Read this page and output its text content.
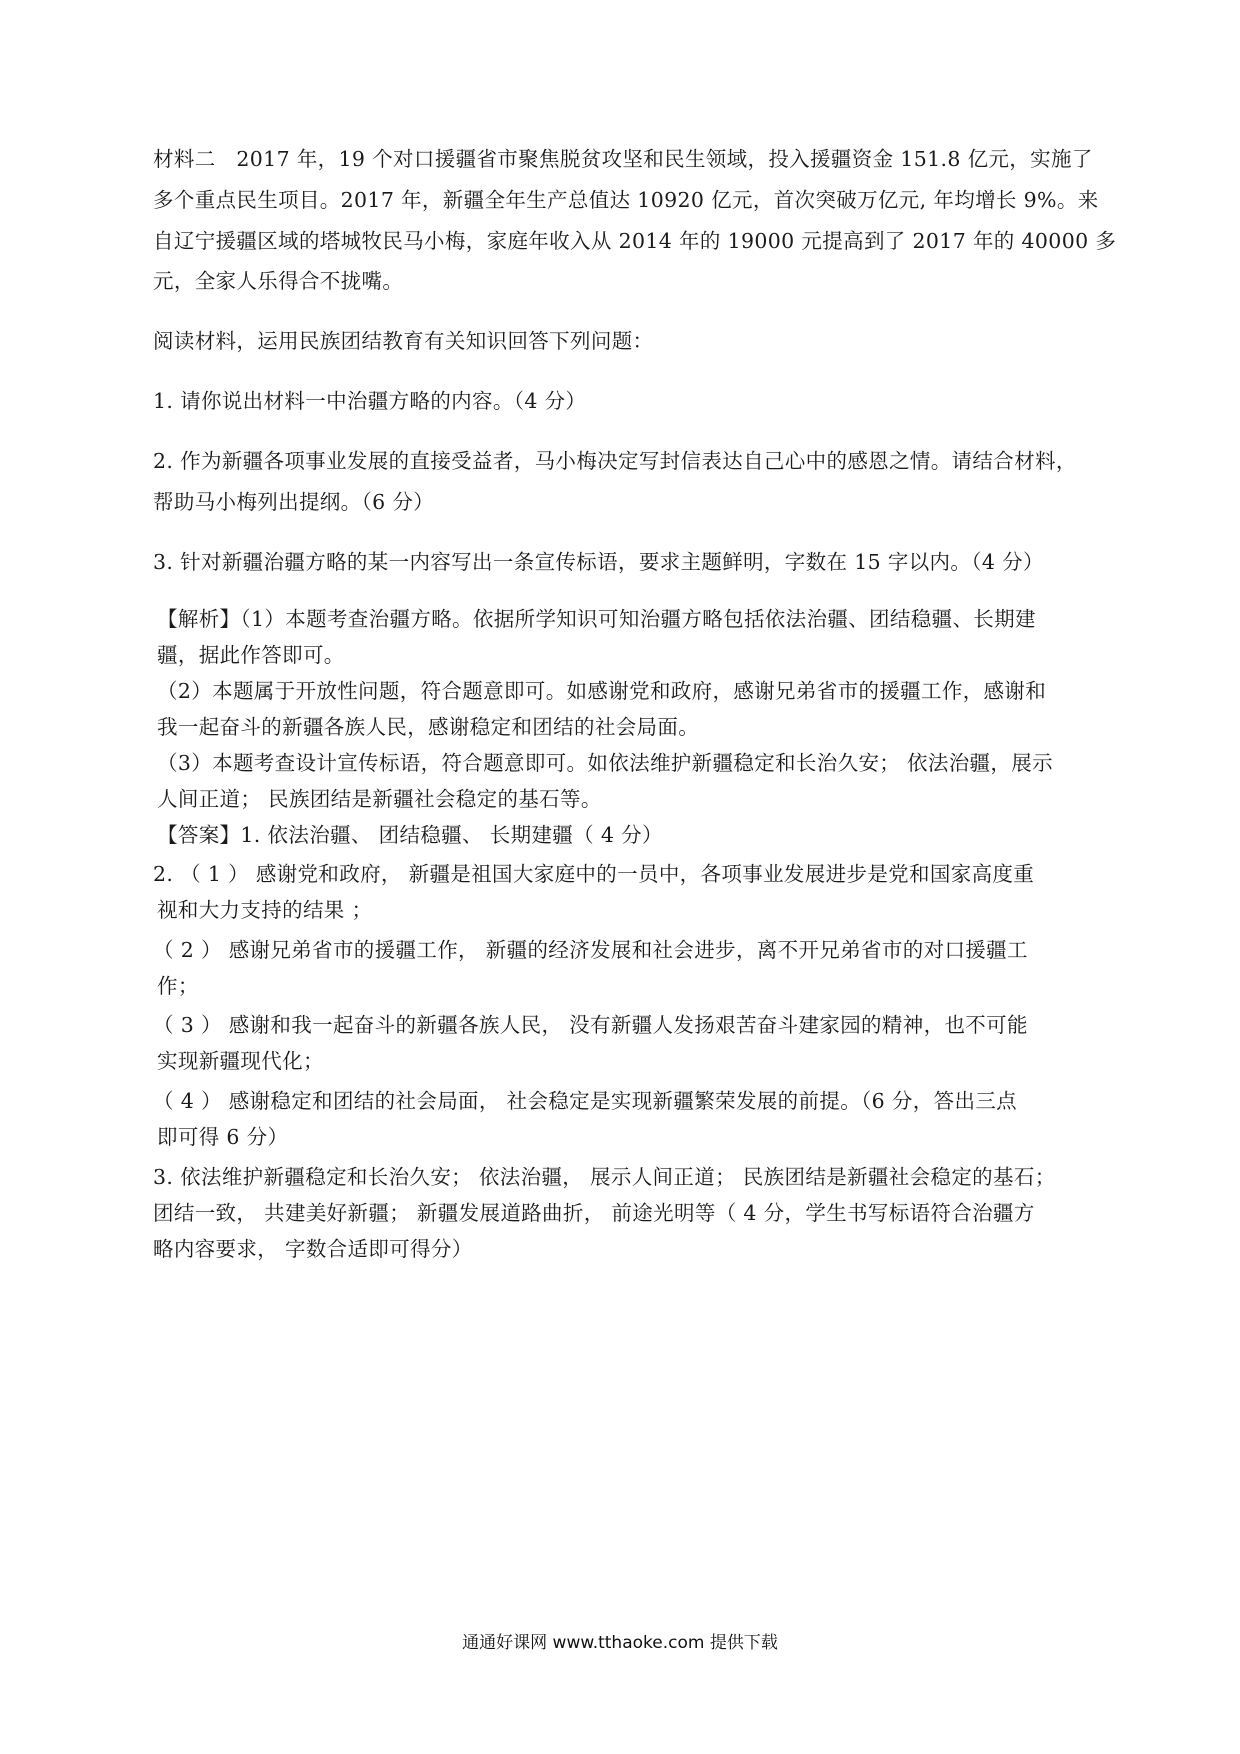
材料二　2017 年，19 个对口援疆省市聚焦脱贫攻坚和民生领域，投入援疆资金 151.8 亿元，实施了
多个重点民生项目。2017 年，新疆全年生产总值达 10920 亿元，首次突破万亿元, 年均增长 9%。来
自辽宁援疆区域的塔城牧民马小梅，家庭年收入从 2014 年的 19000 元提高到了 2017 年的 40000 多
元，全家人乐得合不拢嘴。
阅读材料，运用民族团结教育有关知识回答下列问题：
1. 请你说出材料一中治疆方略的内容。（4 分）
2. 作为新疆各项事业发展的直接受益者，马小梅决定写封信表达自己心中的感恩之情。请结合材料，
帮助马小梅列出提纲。（6 分）
3. 针对新疆治疆方略的某一内容写出一条宣传标语，要求主题鲜明，字数在 15 字以内。（4 分）
【解析】（1）本题考查治疆方略。依据所学知识可知治疆方略包括依法治疆、团结稳疆、长期建
疆，据此作答即可。
（2）本题属于开放性问题，符合题意即可。如感谢党和政府，感谢兄弟省市的援疆工作，感谢和
我一起奋斗的新疆各族人民，感谢稳定和团结的社会局面。
（3）本题考查设计宣传标语，符合题意即可。如依法维护新疆稳定和长治久安； 依法治疆，展示
人间正道； 民族团结是新疆社会稳定的基石等。
【答案】1. 依法治疆、 团结稳疆、 长期建疆（ 4 分）
2. （ 1 ） 感谢党和政府， 新疆是祖国大家庭中的一员中，各项事业发展进步是党和国家高度重
视和大力支持的结果 ；
（ 2 ） 感谢兄弟省市的援疆工作， 新疆的经济发展和社会进步，离不开兄弟省市的对口援疆工
作；
（ 3 ） 感谢和我一起奋斗的新疆各族人民， 没有新疆人发扬艰苦奋斗建家园的精神，也不可能
实现新疆现代化；
（ 4 ） 感谢稳定和团结的社会局面， 社会稳定是实现新疆繁荣发展的前提。（6 分，答出三点
即可得 6 分）
3. 依法维护新疆稳定和长治久安； 依法治疆， 展示人间正道； 民族团结是新疆社会稳定的基石；
团结一致， 共建美好新疆； 新疆发展道路曲折， 前途光明等（ 4 分，学生书写标语符合治疆方
略内容要求， 字数合适即可得分）
通通好课网 www.tthaoke.com 提供下载
